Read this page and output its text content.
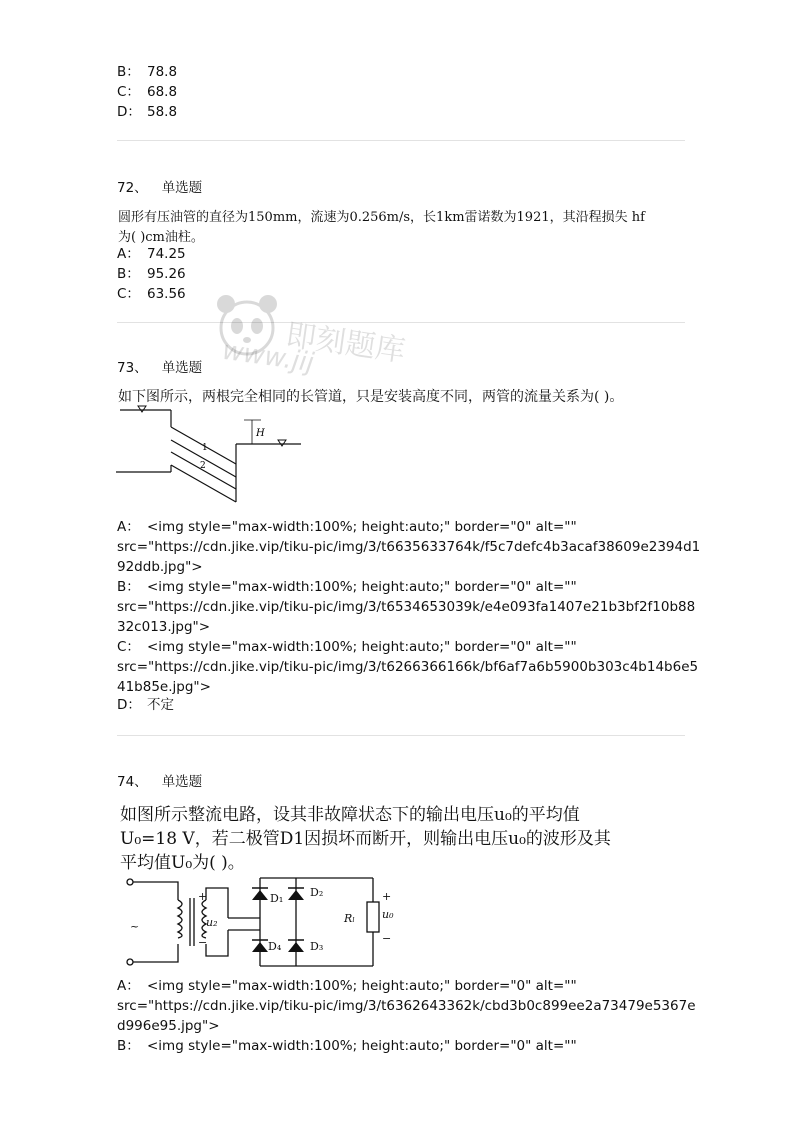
B： 78.8
C： 68.8
D： 58.8
72、 单选题
圆形有压油管的直径为150mm，流速为0.256m/s，长1km雷诺数为1921，其沿程损失 hf
为( )cm油柱。
A： 74.25
B： 95.26
C： 63.56
即刻题库
www.jij
73、 单选题
如下图所示，两根完全相同的长管道，只是安装高度不同，两管的流量关系为( )。
H
1
2
A： <img style="max-width:100%; height:auto;" border="0" alt=""
src="https://cdn.jike.vip/tiku-pic/img/3/t6635633764k/f5c7defc4b3acaf38609e2394d1
92ddb.jpg">
B： <img style="max-width:100%; height:auto;" border="0" alt=""
src="https://cdn.jike.vip/tiku-pic/img/3/t6534653039k/e4e093fa1407e21b3bf2f10b88
32c013.jpg">
C： <img style="max-width:100%; height:auto;" border="0" alt=""
src="https://cdn.jike.vip/tiku-pic/img/3/t6266366166k/bf6af7a6b5900b303c4b14b6e5
41b85e.jpg">
D： 不定
74、 单选题
如图所示整流电路，设其非故障状态下的输出电压u₀的平均值
U₀=18 V，若二极管D1因损坏而断开，则输出电压u₀的波形及其
平均值U₀为( )。
+
−
~	u₂
D₁ D₂
D₄	D₃
Rₗ u₀
+
−
A： <img style="max-width:100%; height:auto;" border="0" alt=""
src="https://cdn.jike.vip/tiku-pic/img/3/t6362643362k/cbd3b0c899ee2a73479e5367e
d996e95.jpg">
B： <img style="max-width:100%; height:auto;" border="0" alt=""
